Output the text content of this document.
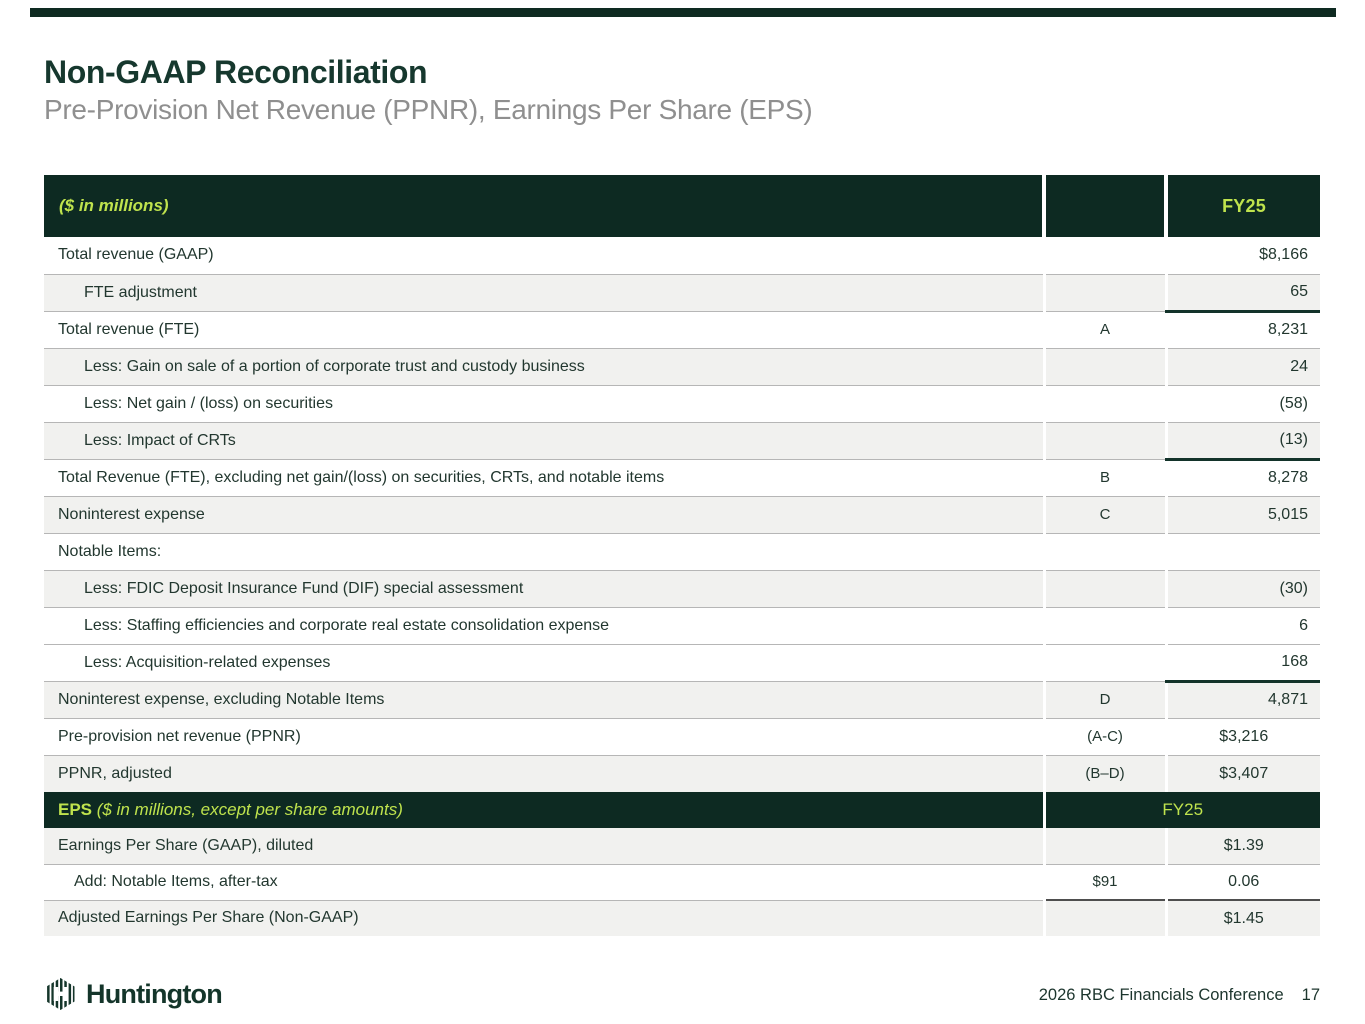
Non-GAAP Reconciliation
Pre-Provision Net Revenue (PPNR), Earnings Per Share (EPS)
($ in millions)		FY25
Total revenue (GAAP)		$8,166
FTE adjustment		65
Total revenue (FTE)	A	8,231
Less: Gain on sale of a portion of corporate trust and custody business		24
Less: Net gain / (loss) on securities		(58)
Less: Impact of CRTs		(13)
Total Revenue (FTE), excluding net gain/(loss) on securities, CRTs, and notable items	B	8,278
Noninterest expense	C	5,015
Notable Items:		
Less: FDIC Deposit Insurance Fund (DIF) special assessment		(30)
Less: Staffing efficiencies and corporate real estate consolidation expense		6
Less: Acquisition-related expenses		168
Noninterest expense, excluding Notable Items	D	4,871
Pre-provision net revenue (PPNR)	(A-C)	$3,216
PPNR, adjusted	(B–D)	$3,407
EPS ($ in millions, except per share amounts)	FY25	
Earnings Per Share (GAAP), diluted		$1.39
Add: Notable Items, after-tax	$91	0.06
Adjusted Earnings Per Share (Non-GAAP)		$1.45
Huntington	2026 RBC Financials Conference 17
